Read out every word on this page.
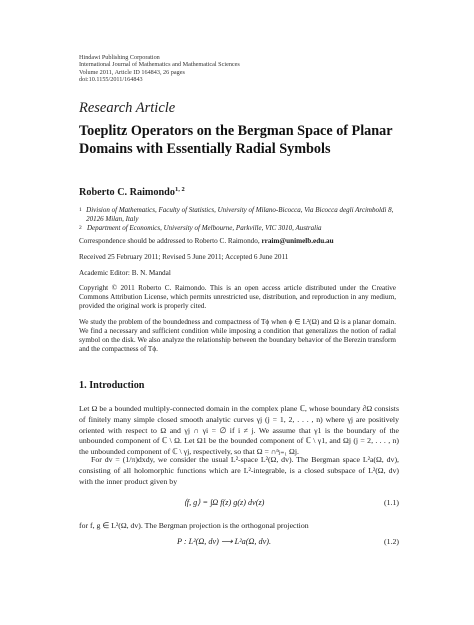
Hindawi Publishing Corporation
International Journal of Mathematics and Mathematical Sciences
Volume 2011, Article ID 164843, 26 pages
doi:10.1155/2011/164843
Research Article
Toeplitz Operators on the Bergman Space of Planar Domains with Essentially Radial Symbols
Roberto C. Raimondo$^{1, 2}$
1 Division of Mathematics, Faculty of Statistics, University of Milano-Bicocca, Via Bicocca degli Arcimboldi 8, 20126 Milan, Italy
2 Department of Economics, University of Melbourne, Parkville, VIC 3010, Australia
Correspondence should be addressed to Roberto C. Raimondo, rraim@unimelb.edu.au
Received 25 February 2011; Revised 5 June 2011; Accepted 6 June 2011
Academic Editor: B. N. Mandal
Copyright © 2011 Roberto C. Raimondo. This is an open access article distributed under the Creative Commons Attribution License, which permits unrestricted use, distribution, and reproduction in any medium, provided the original work is properly cited.
We study the problem of the boundedness and compactness of Tϕ when ϕ ∈ L²(Ω) and Ω is a planar domain. We find a necessary and sufficient condition while imposing a condition that generalizes the notion of radial symbol on the disk. We also analyze the relationship between the boundary behavior of the Berezin transform and the compactness of Tϕ.
1. Introduction
Let Ω be a bounded multiply-connected domain in the complex plane ℂ, whose boundary ∂Ω consists of finitely many simple closed smooth analytic curves γj (j = 1, 2, . . . , n) where γj are positively oriented with respect to Ω and γj ∩ γi = ∅ if i ≠ j. We assume that γ1 is the boundary of the unbounded component of ℂ \ Ω. Let Ω1 be the bounded component of ℂ \ γ1, and Ωj (j = 2, . . . , n) the unbounded component of ℂ \ γj, respectively, so that Ω = ∩ⁿⱼ₌₁ Ωj.
For dv = (1/π)dxdy, we consider the usual L²-space L²(Ω, dv). The Bergman space L²a(Ω, dv), consisting of all holomorphic functions which are L²-integrable, is a closed subspace of L²(Ω, dv) with the inner product given by
⟨f, g⟩ = ∫Ω f(z) g(z) dv(z)	(1.1)
for f, g ∈ L²(Ω, dv). The Bergman projection is the orthogonal projection
P : L²(Ω, dv) ⟶ L²a(Ω, dv).	(1.2)
